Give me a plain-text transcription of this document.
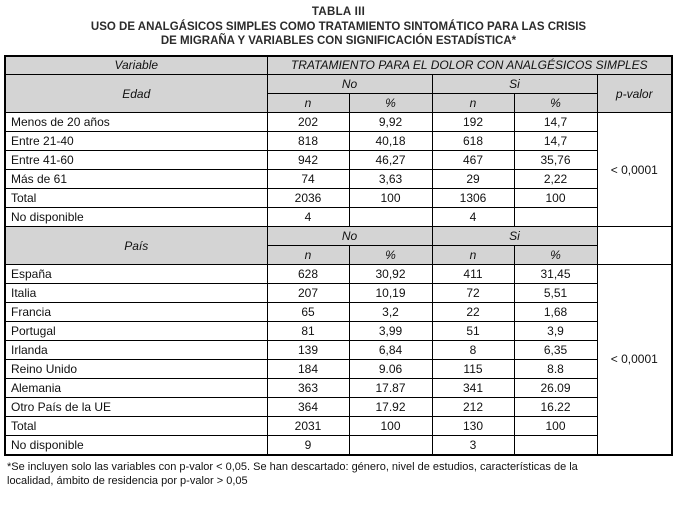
TABLA III
USO DE ANALGÁSICOS SIMPLES COMO TRATAMIENTO SINTOMÁTICO PARA LAS CRISIS
DE MIGRAÑA Y VARIABLES CON SIGNIFICACIÓN ESTADÍSTICA*
Variable	TRATAMIENTO PARA EL DOLOR CON ANALGÉSICOS SIMPLES				
Edad	No		Si		p-valor
	n	%	n	%	
Menos de 20 años	202	9,92	192	14,7	< 0,0001
Entre 21-40	818	40,18	618	14,7	
Entre 41-60	942	46,27	467	35,76	
Más de 61	74	3,63	29	2,22	
Total	2036	100	1306	100	
No disponible	4		4		
País	No		Si		
	n	%	n	%	
España	628	30,92	411	31,45	< 0,0001
Italia	207	10,19	72	5,51	
Francia	65	3,2	22	1,68	
Portugal	81	3,99	51	3,9	
Irlanda	139	6,84	8	6,35	
Reino Unido	184	9.06	115	8.8	
Alemania	363	17.87	341	26.09	
Otro País de la UE	364	17.92	212	16.22	
Total	2031	100	130	100	
No disponible	9		3		
*Se incluyen solo las variables con p-valor < 0,05. Se han descartado: género, nivel de estudios, características de la
localidad, ámbito de residencia por p-valor > 0,05
